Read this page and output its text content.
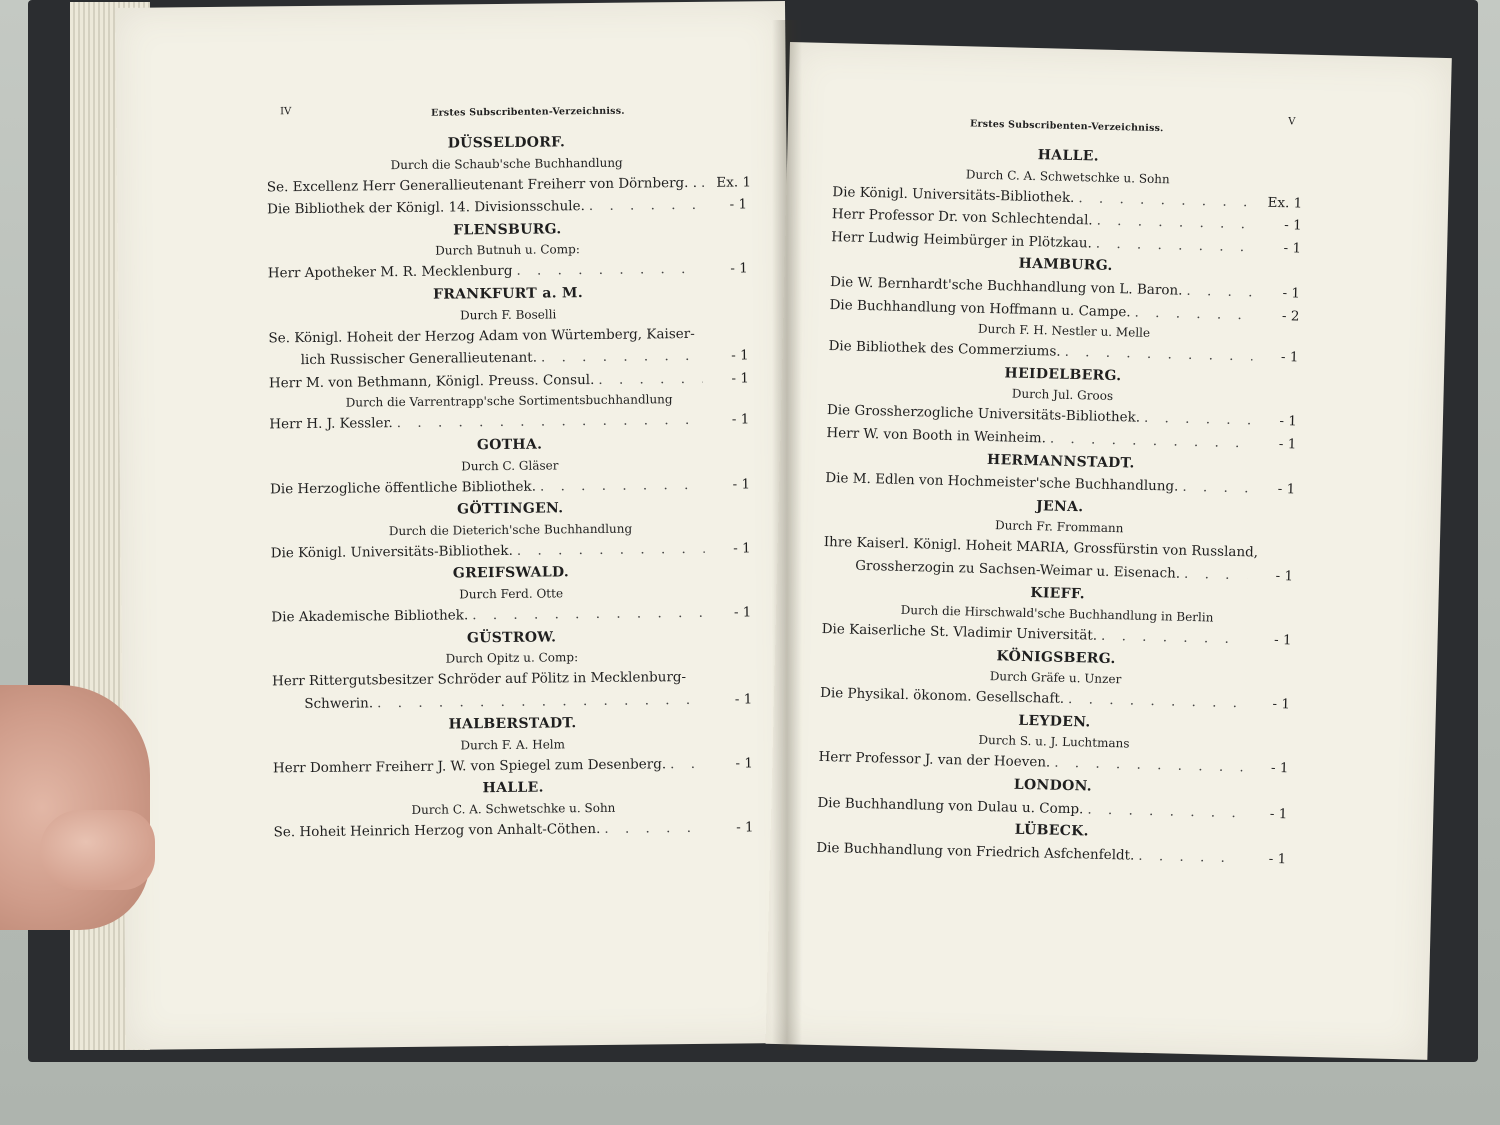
IV	Erstes Subscribenten-Verzeichniss.
DÜSSELDORF.
Durch die Schaub'sche Buchhandlung
Se. Excellenz Herr Generallieutenant Freiherr von Dörnberg. . . . .	Ex. 1
Die Bibliothek der Königl. 14. Divisionsschule. . . .	- 1
FLENSBURG.
Durch Butnuh u. Comp:
Herr Apotheker M. R. Mecklenburg . . .	- 1
FRANKFURT a. M.
Durch F. Boselli
Se. Königl. Hoheit der Herzog Adam von Würtemberg, Kaiser-
lich Russischer Generallieutenant. . . .	- 1
Herr M. von Bethmann, Königl. Preuss. Consul. . . .	- 1
Durch die Varrentrapp'sche Sortimentsbuchhandlung
Herr H. J. Kessler. . . .	- 1
GOTHA.
Durch C. Gläser
Die Herzogliche öffentliche Bibliothek. . . .	- 1
GÖTTINGEN.
Durch die Dieterich'sche Buchhandlung
Die Königl. Universitäts-Bibliothek. . . .	- 1
GREIFSWALD.
Durch Ferd. Otte
Die Akademische Bibliothek. . . .	- 1
GÜSTROW.
Durch Opitz u. Comp:
Herr Rittergutsbesitzer Schröder auf Pölitz in Mecklenburg-
Schwerin. . . .	- 1
HALBERSTADT.
Durch F. A. Helm
Herr Domherr Freiherr J. W. von Spiegel zum Desenberg. . . .	- 1
HALLE.
Durch C. A. Schwetschke u. Sohn
Se. Hoheit Heinrich Herzog von Anhalt-Cöthen. . . .	- 1
V
Erstes Subscribenten-Verzeichniss.
HALLE.
Durch C. A. Schwetschke u. Sohn
Die Königl. Universitäts-Bibliothek. . . .	Ex. 1
Herr Professor Dr. von Schlechtendal. . . .	- 1
Herr Ludwig Heimbürger in Plötzkau. . . .	- 1
HAMBURG.
Die W. Bernhardt'sche Buchhandlung von L. Baron. . . .	- 1
Die Buchhandlung von Hoffmann u. Campe. . . .	- 2
Durch F. H. Nestler u. Melle
Die Bibliothek des Commerziums. . . .	- 1
HEIDELBERG.
Durch Jul. Groos
Die Grossherzogliche Universitäts-Bibliothek. . . .	- 1
Herr W. von Booth in Weinheim. . . .	- 1
HERMANNSTADT.
Die M. Edlen von Hochmeister'sche Buchhandlung. . . .	- 1
JENA.
Durch Fr. Frommann
Ihre Kaiserl. Königl. Hoheit MARIA, Grossfürstin von Russland,
Grossherzogin zu Sachsen-Weimar u. Eisenach. . . .	- 1
KIEFF.
Durch die Hirschwald'sche Buchhandlung in Berlin
Die Kaiserliche St. Vladimir Universität. . . .	- 1
KÖNIGSBERG.
Durch Gräfe u. Unzer
Die Physikal. ökonom. Gesellschaft. . . .	- 1
LEYDEN.
Durch S. u. J. Luchtmans
Herr Professor J. van der Hoeven. . . .	- 1
LONDON.
Die Buchhandlung von Dulau u. Comp. . . .	- 1
LÜBECK.
Die Buchhandlung von Friedrich Asfchenfeldt. . . .	- 1
